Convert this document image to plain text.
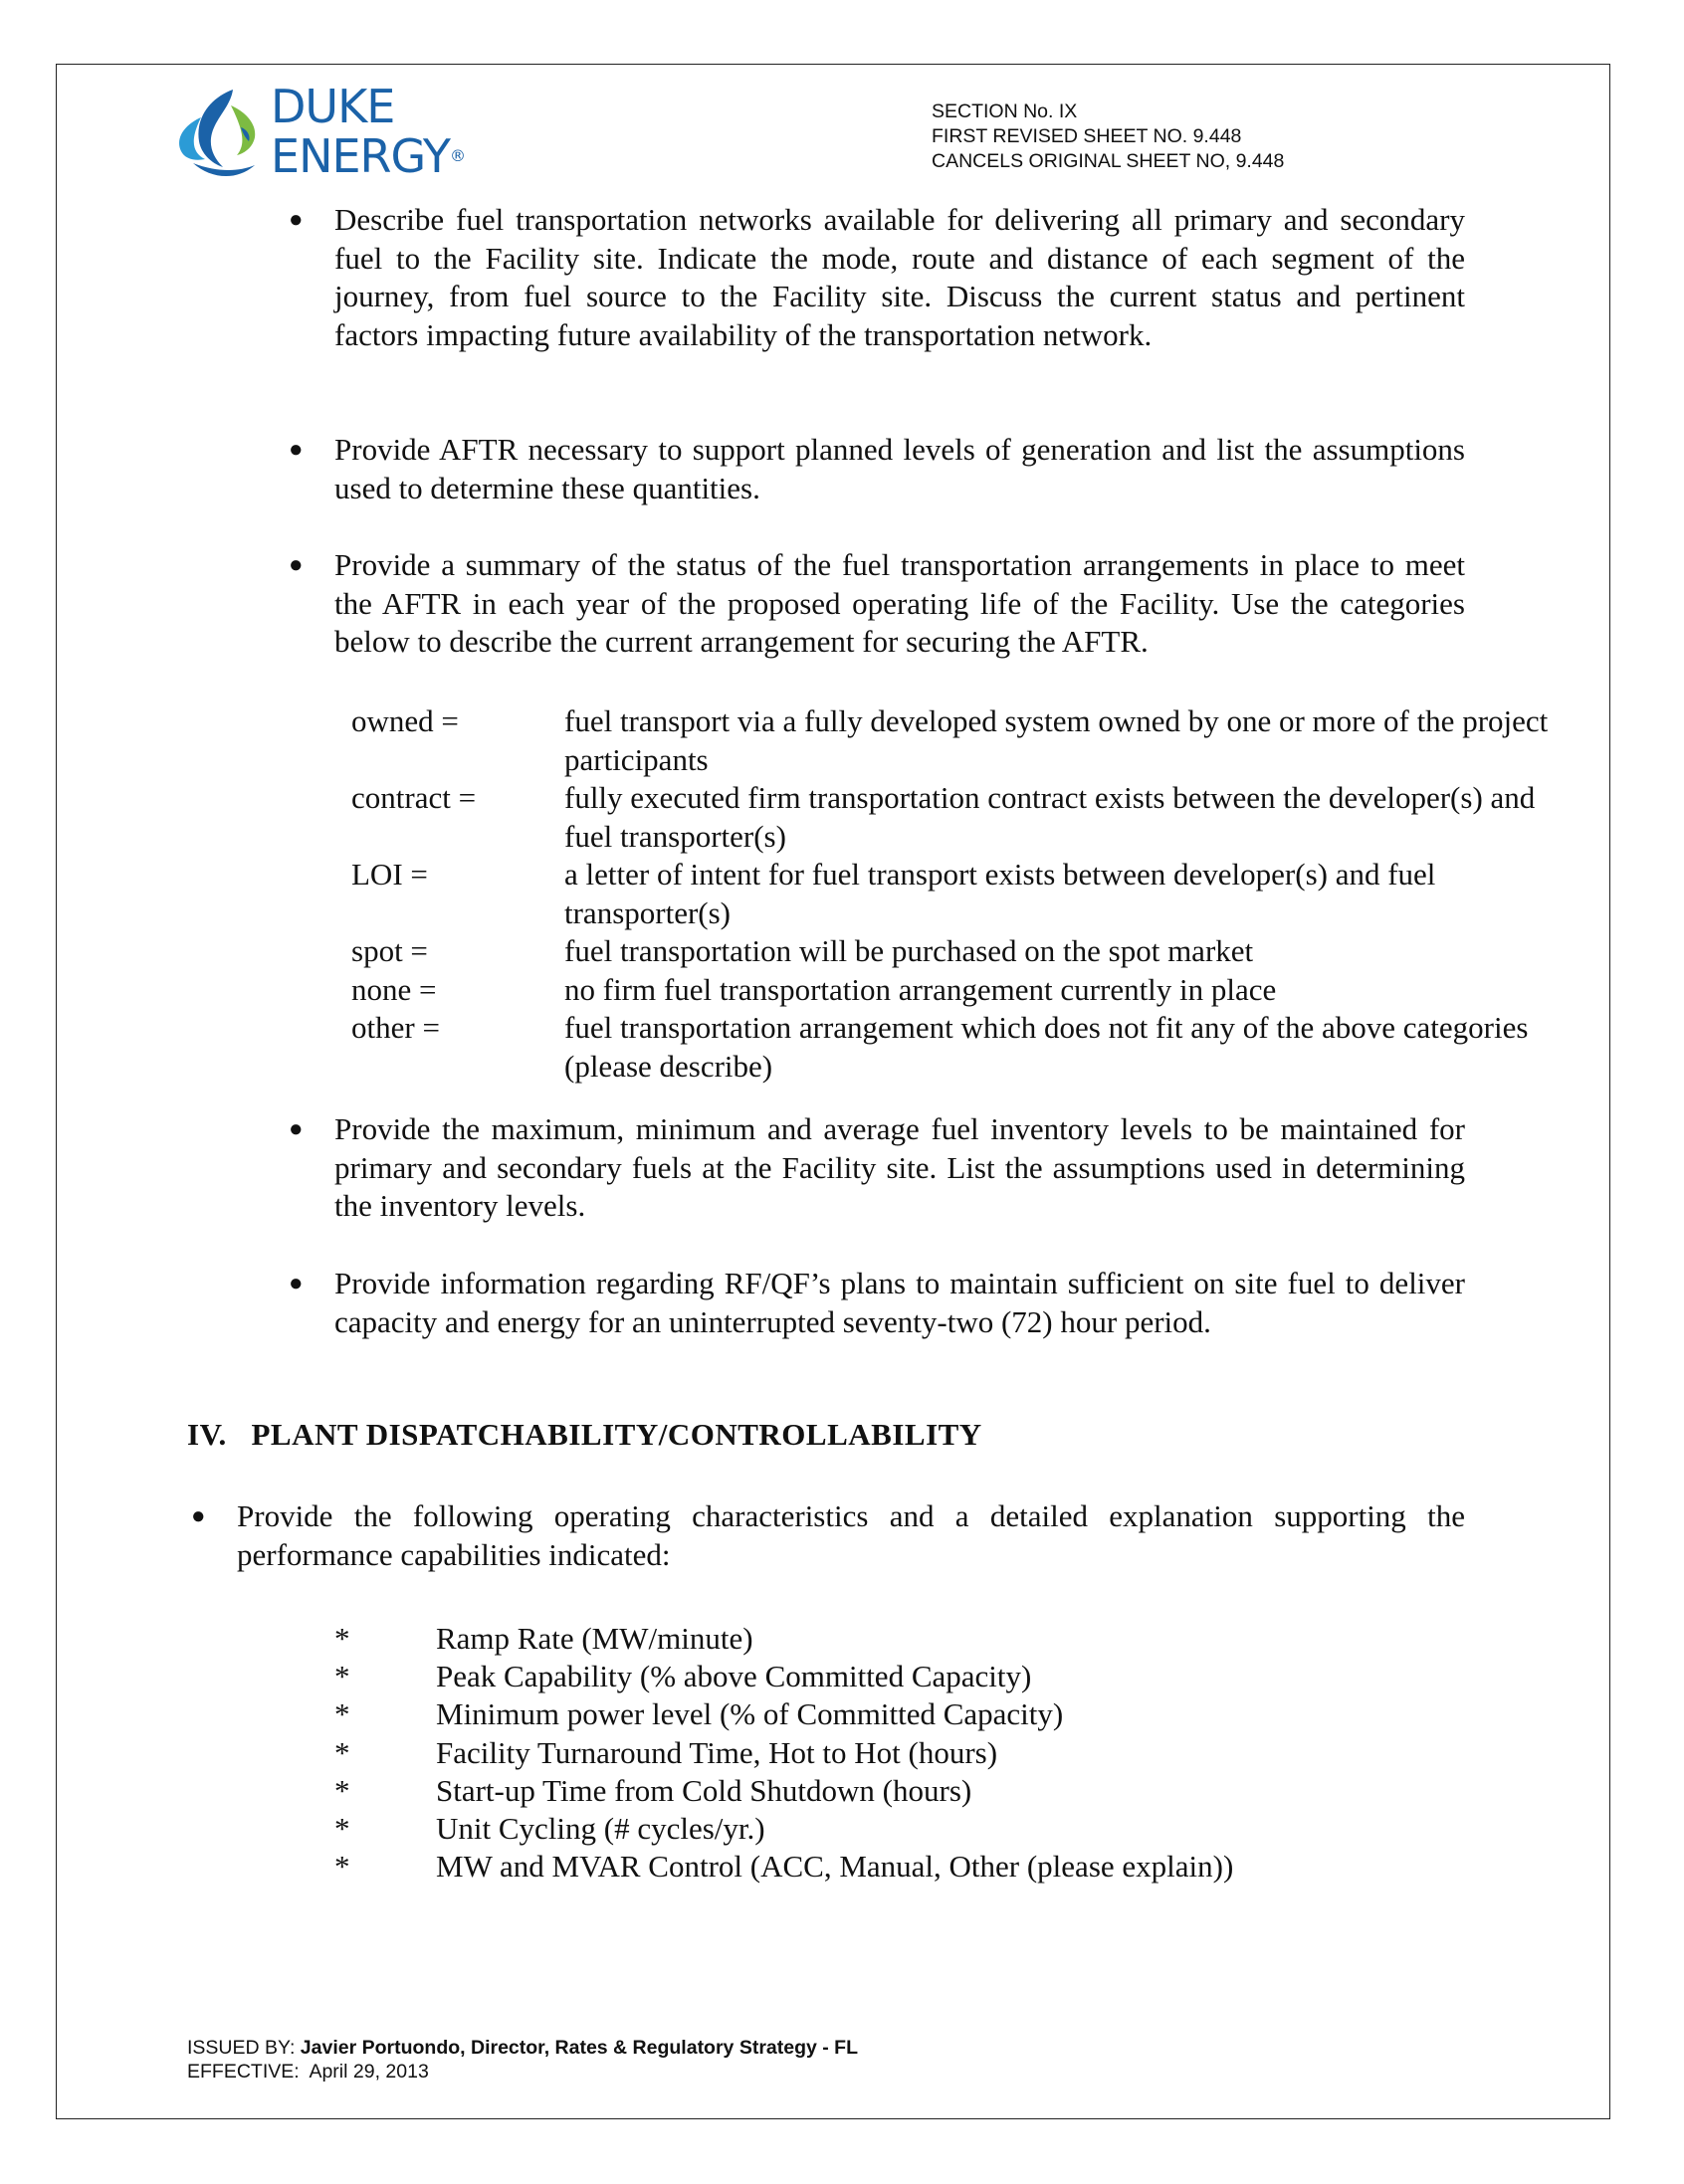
DUKE
ENERGY®
SECTION No. IX
FIRST REVISED SHEET NO. 9.448
CANCELS ORIGINAL SHEET NO, 9.448
● Describe fuel transportation networks available for delivering all primary and secondary fuel to the Facility site. Indicate the mode, route and distance of each segment of the journey, from fuel source to the Facility site. Discuss the current status and pertinent factors impacting future availability of the transportation network.
● Provide AFTR necessary to support planned levels of generation and list the assumptions used to determine these quantities.
● Provide a summary of the status of the fuel transportation arrangements in place to meet the AFTR in each year of the proposed operating life of the Facility. Use the categories below to describe the current arrangement for securing the AFTR.
owned =	fuel transport via a fully developed system owned by one or more of the project participants
contract =	fully executed firm transportation contract exists between the developer(s) and fuel transporter(s)
LOI =	a letter of intent for fuel transport exists between developer(s) and fuel transporter(s)
spot =	fuel transportation will be purchased on the spot market
none =	no firm fuel transportation arrangement currently in place
other =	fuel transportation arrangement which does not fit any of the above categories (please describe)
● Provide the maximum, minimum and average fuel inventory levels to be maintained for primary and secondary fuels at the Facility site. List the assumptions used in determining the inventory levels.
● Provide information regarding RF/QF’s plans to maintain sufficient on site fuel to deliver capacity and energy for an uninterrupted seventy-two (72) hour period.
IV.   PLANT DISPATCHABILITY/CONTROLLABILITY
● Provide the following operating characteristics and a detailed explanation supporting the performance capabilities indicated:
*	Ramp Rate (MW/minute)
*	Peak Capability (% above Committed Capacity)
*	Minimum power level (% of Committed Capacity)
*	Facility Turnaround Time, Hot to Hot (hours)
*	Start-up Time from Cold Shutdown (hours)
*	Unit Cycling (# cycles/yr.)
*	MW and MVAR Control (ACC, Manual, Other (please explain))
ISSUED BY: Javier Portuondo, Director, Rates & Regulatory Strategy - FL
EFFECTIVE: April 29, 2013
